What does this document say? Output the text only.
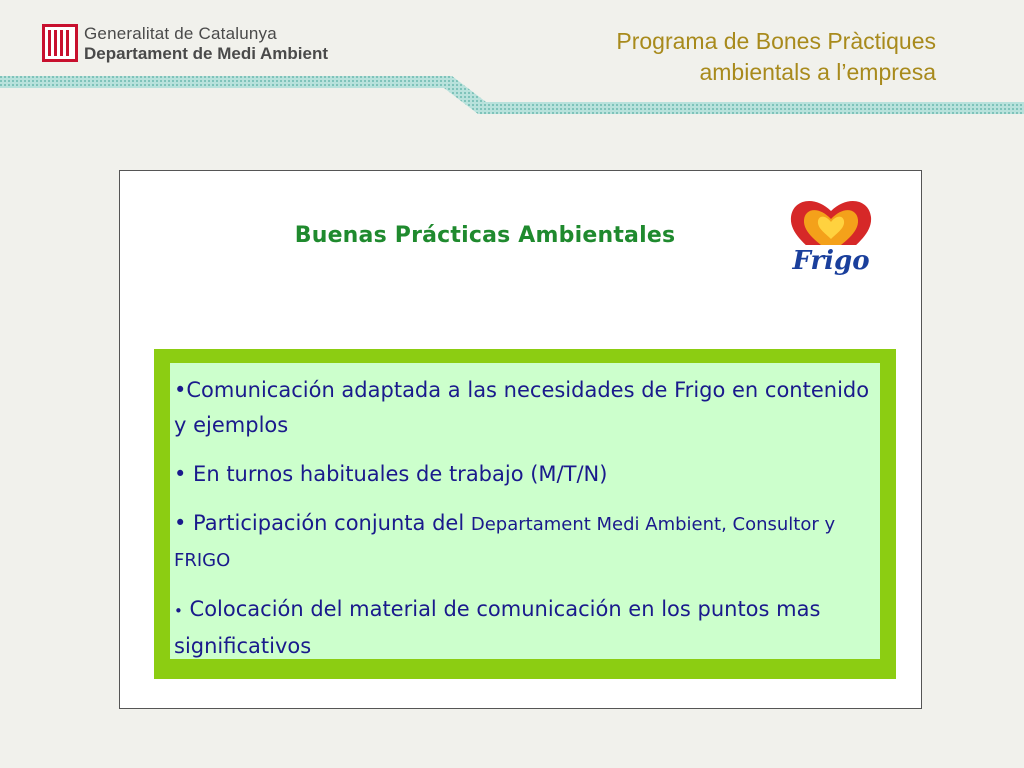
Generalitat de Catalunya
Departament de Medi Ambient	Programa de Bones Pràctiques
ambientals a l’empresa
Buenas Prácticas Ambientales
Frigo
•Comunicación adaptada a las necesidades de Frigo en contenido y ejemplos
• En turnos habituales de trabajo (M/T/N)
• Participación conjunta del Departament Medi Ambient, Consultor y FRIGO
• Colocación del material de comunicación en los puntos mas significativos
